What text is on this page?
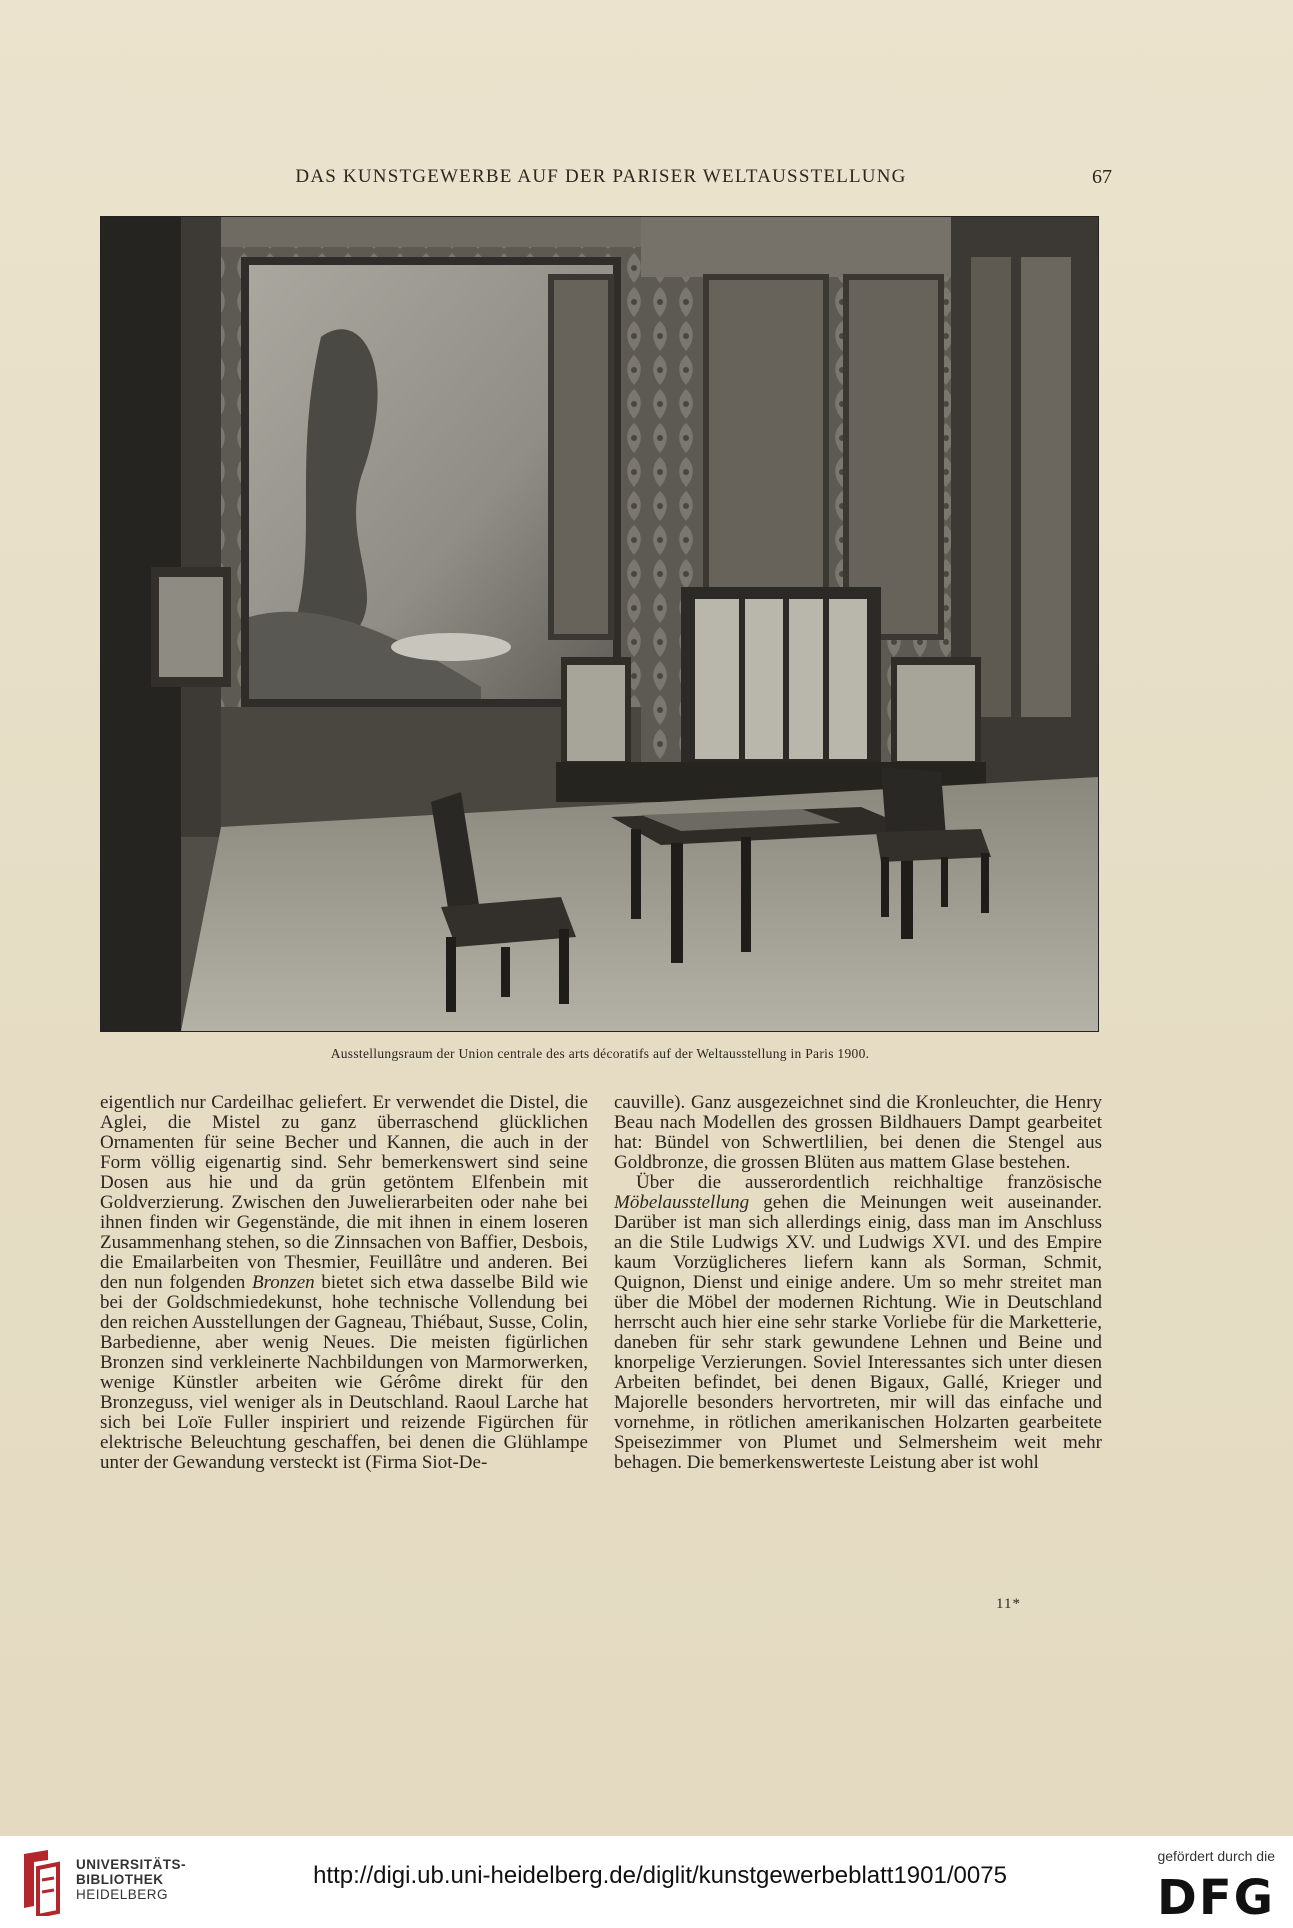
DAS KUNSTGEWERBE AUF DER PARISER WELTAUSSTELLUNG	67
Ausstellungsraum der Union centrale des arts décoratifs auf der Weltausstellung in Paris 1900.

eigentlich nur Cardeilhac geliefert. Er verwendet die Distel, die Aglei, die Mistel zu ganz überraschend glücklichen Ornamenten für seine Becher und Kannen, die auch in der Form völlig eigenartig sind. Sehr bemerkenswert sind seine Dosen aus hie und da grün getöntem Elfenbein mit Goldverzierung. Zwischen den Juwelierarbeiten oder nahe bei ihnen finden wir Gegenstände, die mit ihnen in einem loseren Zusammenhang stehen, so die Zinnsachen von Baffier, Desbois, die Emailarbeiten von Thesmier, Feuillâtre und anderen. Bei den nun folgenden Bronzen bietet sich etwa dasselbe Bild wie bei der Goldschmiedekunst, hohe technische Vollendung bei den reichen Ausstellungen der Gagneau, Thiébaut, Susse, Colin, Barbedienne, aber wenig Neues. Die meisten figürlichen Bronzen sind verkleinerte Nachbildungen von Marmorwerken, wenige Künstler arbeiten wie Gérôme direkt für den Bronzeguss, viel weniger als in Deutschland. Raoul Larche hat sich bei Loïe Fuller inspiriert und reizende Figürchen für elektrische Beleuchtung geschaffen, bei denen die Glühlampe unter der Gewandung versteckt ist (Firma Siot-De-

cauville). Ganz ausgezeichnet sind die Kronleuchter, die Henry Beau nach Modellen des grossen Bildhauers Dampt gearbeitet hat: Bündel von Schwertlilien, bei denen die Stengel aus Goldbronze, die grossen Blüten aus mattem Glase bestehen.

Über die ausserordentlich reichhaltige französische Möbelausstellung gehen die Meinungen weit auseinander. Darüber ist man sich allerdings einig, dass man im Anschluss an die Stile Ludwigs XV. und Ludwigs XVI. und des Empire kaum Vorzüglicheres liefern kann als Sorman, Schmit, Quignon, Dienst und einige andere. Um so mehr streitet man über die Möbel der modernen Richtung. Wie in Deutschland herrscht auch hier eine sehr starke Vorliebe für die Marketterie, daneben für sehr stark gewundene Lehnen und Beine und knorpelige Verzierungen. Soviel Interessantes sich unter diesen Arbeiten befindet, bei denen Bigaux, Gallé, Krieger und Majorelle besonders hervortreten, mir will das einfache und vornehme, in rötlichen amerikanischen Holzarten gearbeitete Speisezimmer von Plumet und Selmersheim weit mehr behagen. Die bemerkenswerteste Leistung aber ist wohl

11*
UNIVERSITÄTS-
BIBLIOTHEK
HEIDELBERG
http://digi.ub.uni-heidelberg.de/diglit/kunstgewerbeblatt1901/0075
gefördert durch die
DFG
